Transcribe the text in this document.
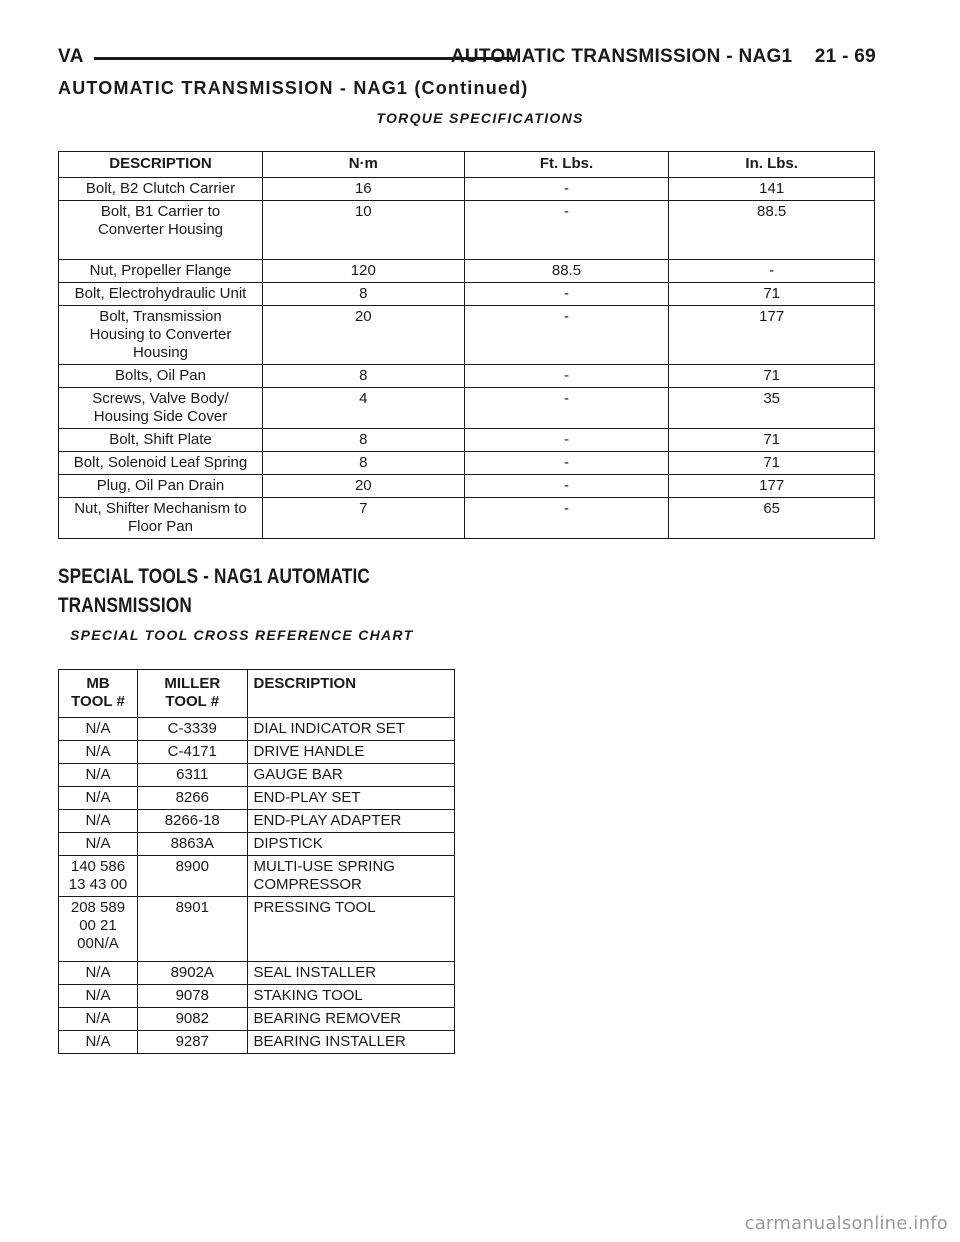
VA	AUTOMATIC TRANSMISSION - NAG1    21 - 69
AUTOMATIC TRANSMISSION - NAG1 (Continued)
TORQUE SPECIFICATIONS
DESCRIPTION	N·m	Ft. Lbs.	In. Lbs.
Bolt, B2 Clutch Carrier	16	-	141
Bolt, B1 Carrier to Converter Housing	10	-	88.5
Nut, Propeller Flange	120	88.5	-
Bolt, Electrohydraulic Unit	8	-	71
Bolt, Transmission Housing to Converter Housing	20	-	177
Bolts, Oil Pan	8	-	71
Screws, Valve Body/ Housing Side Cover	4	-	35
Bolt, Shift Plate	8	-	71
Bolt, Solenoid Leaf Spring	8	-	71
Plug, Oil Pan Drain	20	-	177
Nut, Shifter Mechanism to Floor Pan	7	-	65
SPECIAL TOOLS - NAG1 AUTOMATIC
TRANSMISSION
SPECIAL TOOL CROSS REFERENCE CHART
MB TOOL #	MILLER TOOL #	DESCRIPTION
N/A	C-3339	DIAL INDICATOR SET
N/A	C-4171	DRIVE HANDLE
N/A	6311	GAUGE BAR
N/A	8266	END-PLAY SET
N/A	8266-18	END-PLAY ADAPTER
N/A	8863A	DIPSTICK
140 586 13 43 00	8900	MULTI-USE SPRING COMPRESSOR
208 589 00 21 00N/A	8901	PRESSING TOOL
N/A	8902A	SEAL INSTALLER
N/A	9078	STAKING TOOL
N/A	9082	BEARING REMOVER
N/A	9287	BEARING INSTALLER
carmanualsonline.info
